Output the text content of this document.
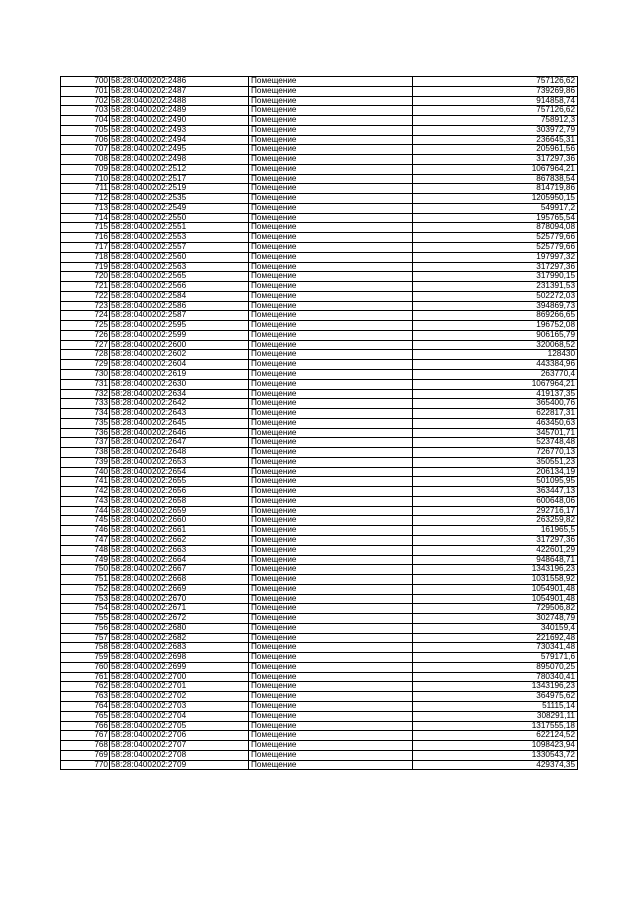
700	58:28:0400202:2486	Помещение	757126,62
701	58:28:0400202:2487	Помещение	739269,86
702	58:28:0400202:2488	Помещение	914858,74
703	58:28:0400202:2489	Помещение	757126,62
704	58:28:0400202:2490	Помещение	758912,3
705	58:28:0400202:2493	Помещение	303972,79
706	58:28:0400202:2494	Помещение	236645,31
707	58:28:0400202:2495	Помещение	205961,56
708	58:28:0400202:2498	Помещение	317297,36
709	58:28:0400202:2512	Помещение	1067964,21
710	58:28:0400202:2517	Помещение	867838,54
711	58:28:0400202:2519	Помещение	814719,86
712	58:28:0400202:2535	Помещение	1205950,15
713	58:28:0400202:2549	Помещение	549917,2
714	58:28:0400202:2550	Помещение	195765,54
715	58:28:0400202:2551	Помещение	878094,08
716	58:28:0400202:2553	Помещение	525779,66
717	58:28:0400202:2557	Помещение	525779,66
718	58:28:0400202:2560	Помещение	197997,32
719	58:28:0400202:2563	Помещение	317297,36
720	58:28:0400202:2565	Помещение	317990,15
721	58:28:0400202:2566	Помещение	231391,53
722	58:28:0400202:2584	Помещение	502272,03
723	58:28:0400202:2586	Помещение	394869,73
724	58:28:0400202:2587	Помещение	869266,65
725	58:28:0400202:2595	Помещение	196752,08
726	58:28:0400202:2599	Помещение	906165,79
727	58:28:0400202:2600	Помещение	320068,52
728	58:28:0400202:2602	Помещение	128430
729	58:28:0400202:2604	Помещение	443384,96
730	58:28:0400202:2619	Помещение	263770,4
731	58:28:0400202:2630	Помещение	1067964,21
732	58:28:0400202:2634	Помещение	419137,35
733	58:28:0400202:2642	Помещение	365400,76
734	58:28:0400202:2643	Помещение	622817,31
735	58:28:0400202:2645	Помещение	463450,63
736	58:28:0400202:2646	Помещение	345701,71
737	58:28:0400202:2647	Помещение	523748,48
738	58:28:0400202:2648	Помещение	726770,13
739	58:28:0400202:2653	Помещение	350551,23
740	58:28:0400202:2654	Помещение	206134,19
741	58:28:0400202:2655	Помещение	501095,95
742	58:28:0400202:2656	Помещение	363447,13
743	58:28:0400202:2658	Помещение	600648,06
744	58:28:0400202:2659	Помещение	292716,17
745	58:28:0400202:2660	Помещение	263259,82
746	58:28:0400202:2661	Помещение	161965,5
747	58:28:0400202:2662	Помещение	317297,36
748	58:28:0400202:2663	Помещение	422601,29
749	58:28:0400202:2664	Помещение	948648,71
750	58:28:0400202:2667	Помещение	1343196,23
751	58:28:0400202:2668	Помещение	1031558,92
752	58:28:0400202:2669	Помещение	1054901,48
753	58:28:0400202:2670	Помещение	1054901,48
754	58:28:0400202:2671	Помещение	729506,82
755	58:28:0400202:2672	Помещение	302748,79
756	58:28:0400202:2680	Помещение	340159,4
757	58:28:0400202:2682	Помещение	221692,48
758	58:28:0400202:2683	Помещение	730341,48
759	58:28:0400202:2698	Помещение	579171,6
760	58:28:0400202:2699	Помещение	895070,25
761	58:28:0400202:2700	Помещение	780340,41
762	58:28:0400202:2701	Помещение	1343196,23
763	58:28:0400202:2702	Помещение	364975,62
764	58:28:0400202:2703	Помещение	51115,14
765	58:28:0400202:2704	Помещение	308291,11
766	58:28:0400202:2705	Помещение	1317555,18
767	58:28:0400202:2706	Помещение	622124,52
768	58:28:0400202:2707	Помещение	1098423,94
769	58:28:0400202:2708	Помещение	1330543,72
770	58:28:0400202:2709	Помещение	429374,35
